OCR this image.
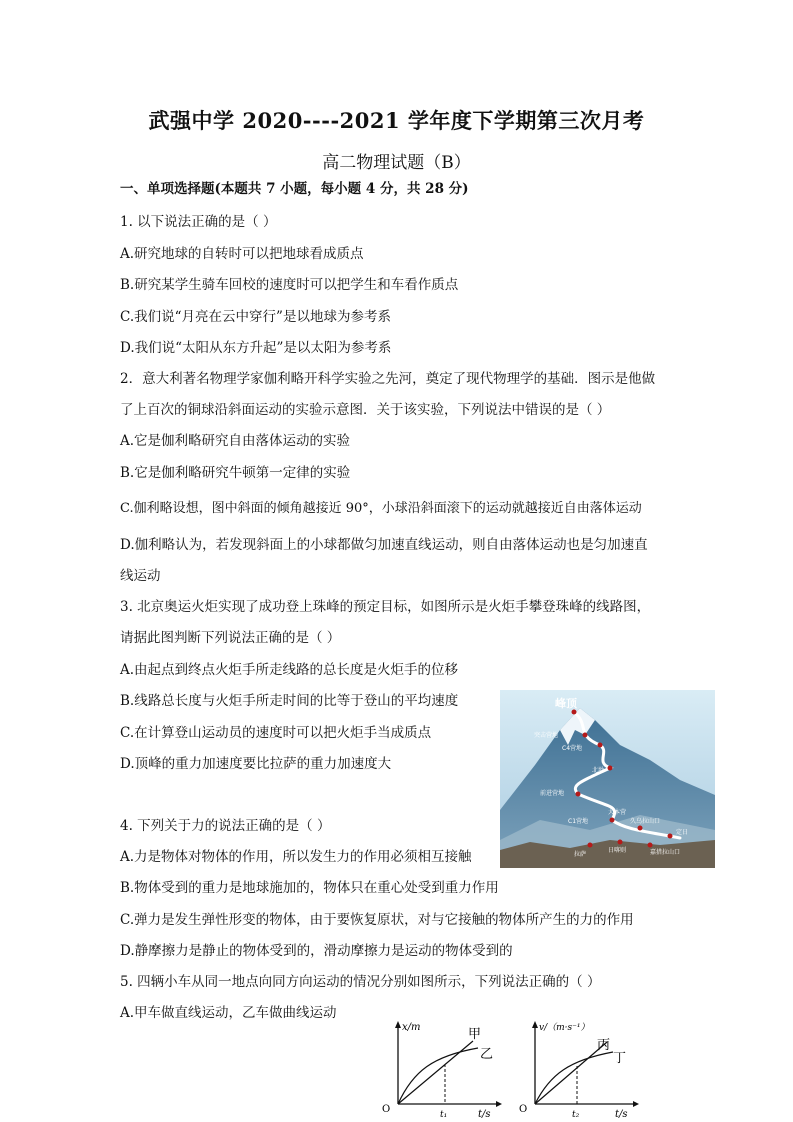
武强中学 2020----2021 学年度下学期第三次月考
高二物理试题（B）
一、单项选择题(本题共 7 小题，每小题 4 分，共 28 分)
1. 以下说法正确的是（ ）
A.研究地球的自转时可以把地球看成质点
B.研究某学生骑车回校的速度时可以把学生和车看作质点
C.我们说“月亮在云中穿行”是以地球为参考系
D.我们说“太阳从东方升起”是以太阳为参考系
2．意大利著名物理学家伽利略开科学实验之先河，奠定了现代物理学的基础．图示是他做
了上百次的铜球沿斜面运动的实验示意图．关于该实验，下列说法中错误的是（ ）
A.它是伽利略研究自由落体运动的实验
B.它是伽利略研究牛顿第一定律的实验
C.伽利略设想，图中斜面的倾角越接近 90°，小球沿斜面滚下的运动就越接近自由落体运动
D.伽利略认为，若发现斜面上的小球都做匀加速直线运动，则自由落体运动也是匀加速直
线运动
3. 北京奥运火炬实现了成功登上珠峰的预定目标，如图所示是火炬手攀登珠峰的线路图，
请据此图判断下列说法正确的是（ ）
A.由起点到终点火炬手所走线路的总长度是火炬手的位移
B.线路总长度与火炬手所走时间的比等于登山的平均速度
C.在计算登山运动员的速度时可以把火炬手当成质点
D.顶峰的重力加速度要比拉萨的重力加速度大
峰顶
突击营地
C4营地
北坳
前进营地
C1营地
大本营
久乌拉山口
定日
拉萨
日喀则	嘉措拉山口
4. 下列关于力的说法正确的是（ ）
A.力是物体对物体的作用，所以发生力的作用必须相互接触
B.物体受到的重力是地球施加的，物体只在重心处受到重力作用
C.弹力是发生弹性形变的物体，由于要恢复原状，对与它接触的物体所产生的力的作用
D.静摩擦力是静止的物体受到的，滑动摩擦力是运动的物体受到的
5. 四辆小车从同一地点向同方向运动的情况分别如图所示，下列说法正确的（ ）
A.甲车做直线运动，乙车做曲线运动
x/m
O	t₁	t/s
甲
乙
v/（m·s⁻¹）
O	t₂	t/s
丙
丁
